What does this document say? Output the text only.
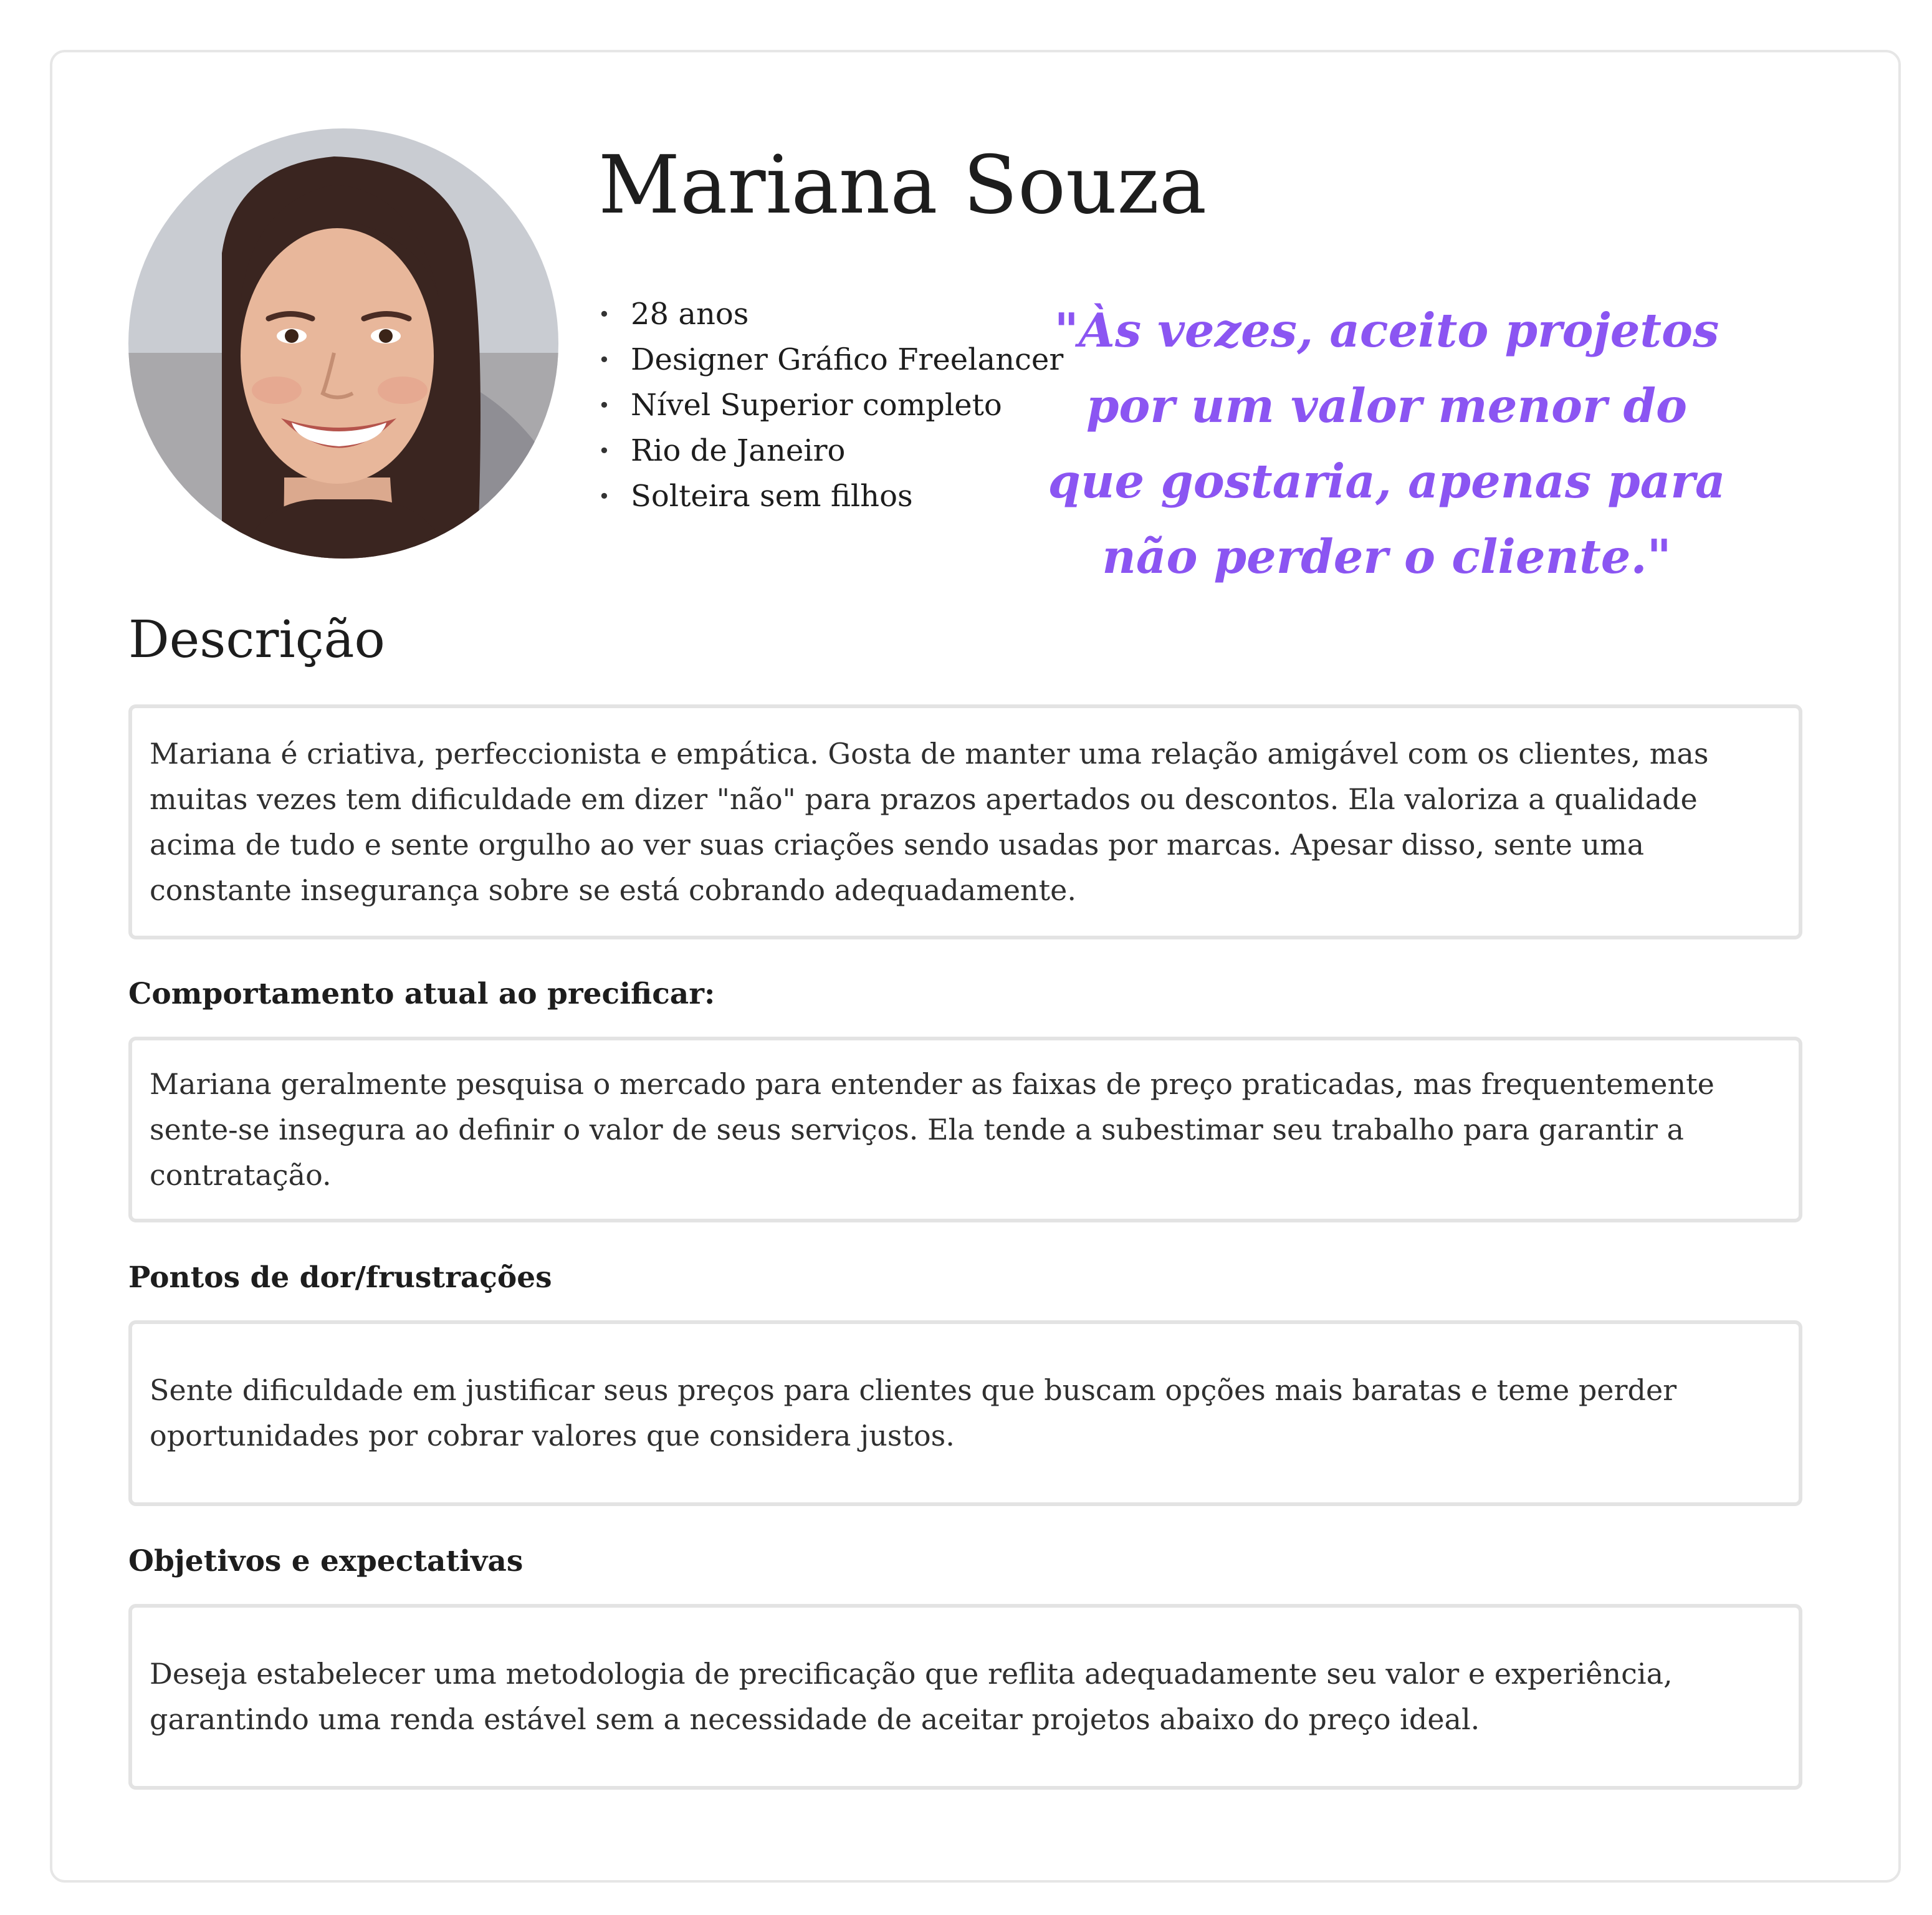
Mariana Souza
• 28 anos
• Designer Gráfico Freelancer
• Nível Superior completo
• Rio de Janeiro
• Solteira sem filhos

"Às vezes, aceito projetos por um valor menor do que gostaria, apenas para não perder o cliente."

Descrição

Mariana é criativa, perfeccionista e empática. Gosta de manter uma relação amigável com os clientes, mas muitas vezes tem dificuldade em dizer "não" para prazos apertados ou descontos. Ela valoriza a qualidade acima de tudo e sente orgulho ao ver suas criações sendo usadas por marcas. Apesar disso, sente uma constante insegurança sobre se está cobrando adequadamente.

Comportamento atual ao precificar:

Mariana geralmente pesquisa o mercado para entender as faixas de preço praticadas, mas frequentemente sente-se insegura ao definir o valor de seus serviços. Ela tende a subestimar seu trabalho para garantir a contratação.

Pontos de dor/frustrações

Sente dificuldade em justificar seus preços para clientes que buscam opções mais baratas e teme perder oportunidades por cobrar valores que considera justos.

Objetivos e expectativas

Deseja estabelecer uma metodologia de precificação que reflita adequadamente seu valor e experiência, garantindo uma renda estável sem a necessidade de aceitar projetos abaixo do preço ideal.
